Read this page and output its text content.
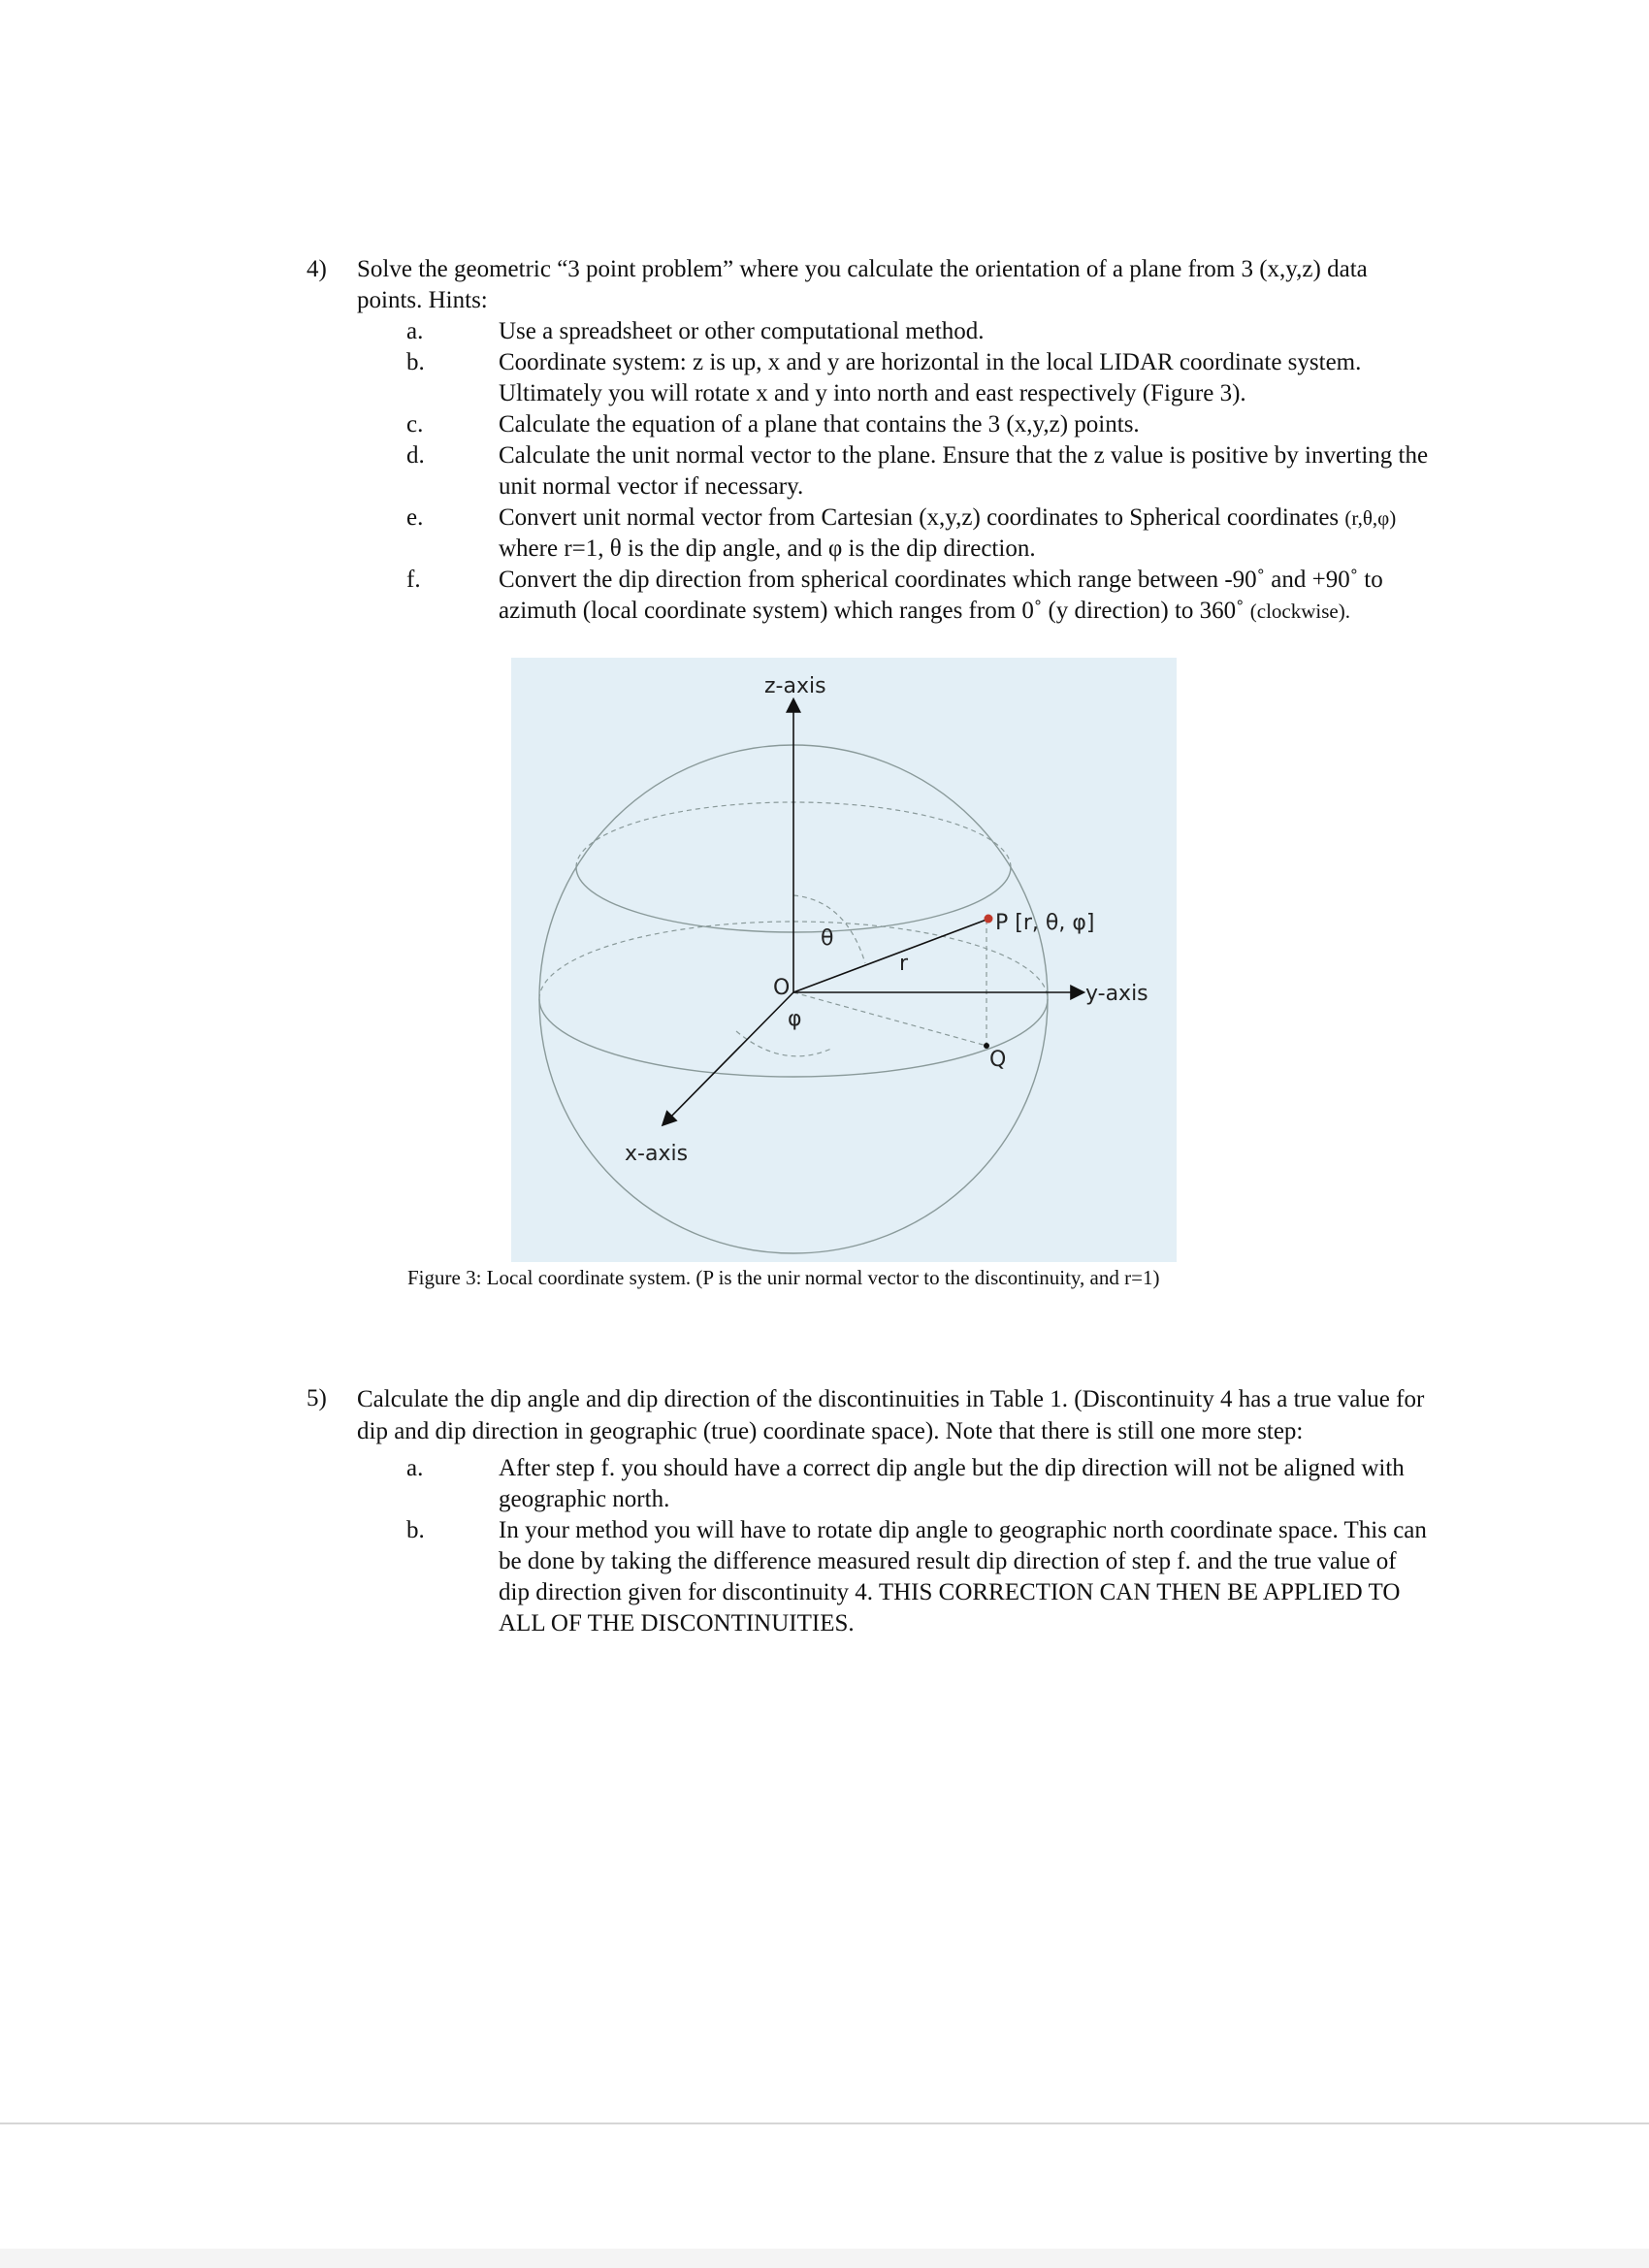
4)	Solve the geometric “3 point problem” where you calculate the orientation of a plane from 3 (x,y,z) data points. Hints:
a.	Use a spreadsheet or other computational method.
b.	Coordinate system: z is up, x and y are horizontal in the local LIDAR coordinate system. Ultimately you will rotate x and y into north and east respectively (Figure 3).
c.	Calculate the equation of a plane that contains the 3 (x,y,z) points.
d.	Calculate the unit normal vector to the plane. Ensure that the z value is positive by inverting the unit normal vector if necessary.
e.	Convert unit normal vector from Cartesian (x,y,z) coordinates to Spherical coordinates (r,θ,φ) where r=1, θ is the dip angle, and φ is the dip direction.
f.	Convert the dip direction from spherical coordinates which range between -90˚ and +90˚ to azimuth (local coordinate system) which ranges from 0˚ (y direction) to 360˚ (clockwise).
z-axis
y-axis
x-axis
O
P [r, θ, φ]
Q
r
θ
φ
Figure 3: Local coordinate system. (P is the unir normal vector to the discontinuity, and r=1)
5)	Calculate the dip angle and dip direction of the discontinuities in Table 1. (Discontinuity 4 has a true value for dip and dip direction in geographic (true) coordinate space). Note that there is still one more step:
a.	After step f. you should have a correct dip angle but the dip direction will not be aligned with geographic north.
b.	In your method you will have to rotate dip angle to geographic north coordinate space. This can be done by taking the difference measured result dip direction of step f. and the true value of dip direction given for discontinuity 4. THIS CORRECTION CAN THEN BE APPLIED TO ALL OF THE DISCONTINUITIES.
